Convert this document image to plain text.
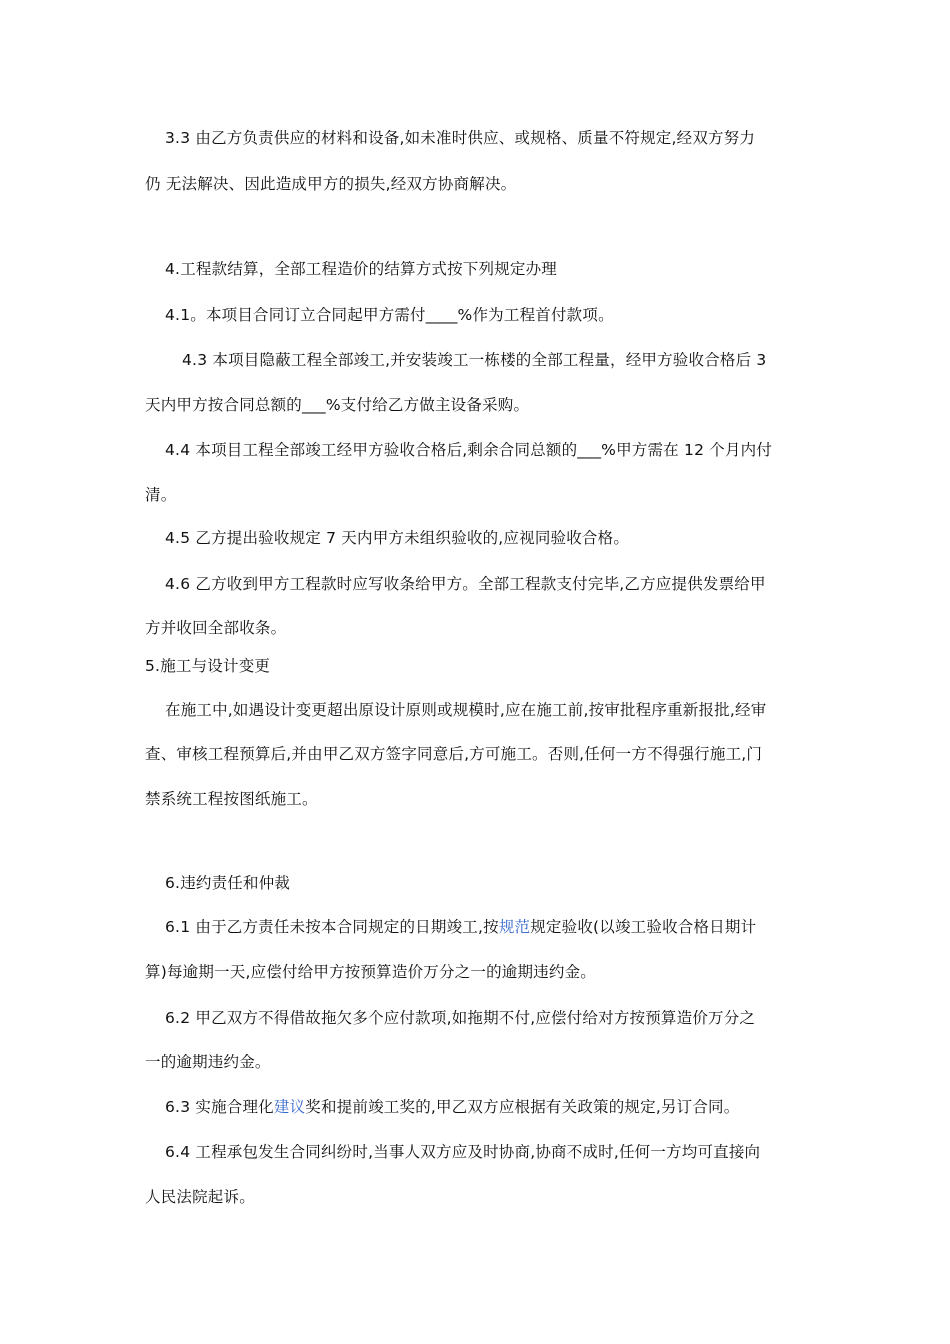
3.3 由乙方负责供应的材料和设备,如未准时供应、或规格、质量不符规定,经双方努力
仍 无法解决、因此造成甲方的损失,经双方协商解决。
4.工程款结算，全部工程造价的结算方式按下列规定办理
4.1。本项目合同订立合同起甲方需付____%作为工程首付款项。
4.3 本项目隐蔽工程全部竣工,并安装竣工一栋楼的全部工程量，经甲方验收合格后 3
天内甲方按合同总额的___%支付给乙方做主设备采购。
4.4 本项目工程全部竣工经甲方验收合格后,剩余合同总额的___%甲方需在 12 个月内付
清。
4.5 乙方提出验收规定 7 天内甲方未组织验收的,应视同验收合格。
4.6 乙方收到甲方工程款时应写收条给甲方。全部工程款支付完毕,乙方应提供发票给甲
方并收回全部收条。
5.施工与设计变更
在施工中,如遇设计变更超出原设计原则或规模时,应在施工前,按审批程序重新报批,经审
查、审核工程预算后,并由甲乙双方签字同意后,方可施工。否则,任何一方不得强行施工,门
禁系统工程按图纸施工。
6.违约责任和仲裁
6.1 由于乙方责任未按本合同规定的日期竣工,按规范规定验收(以竣工验收合格日期计
算)每逾期一天,应偿付给甲方按预算造价万分之一的逾期违约金。
6.2 甲乙双方不得借故拖欠多个应付款项,如拖期不付,应偿付给对方按预算造价万分之
一的逾期违约金。
6.3 实施合理化建议奖和提前竣工奖的,甲乙双方应根据有关政策的规定,另订合同。
6.4 工程承包发生合同纠纷时,当事人双方应及时协商,协商不成时,任何一方均可直接向
人民法院起诉。
